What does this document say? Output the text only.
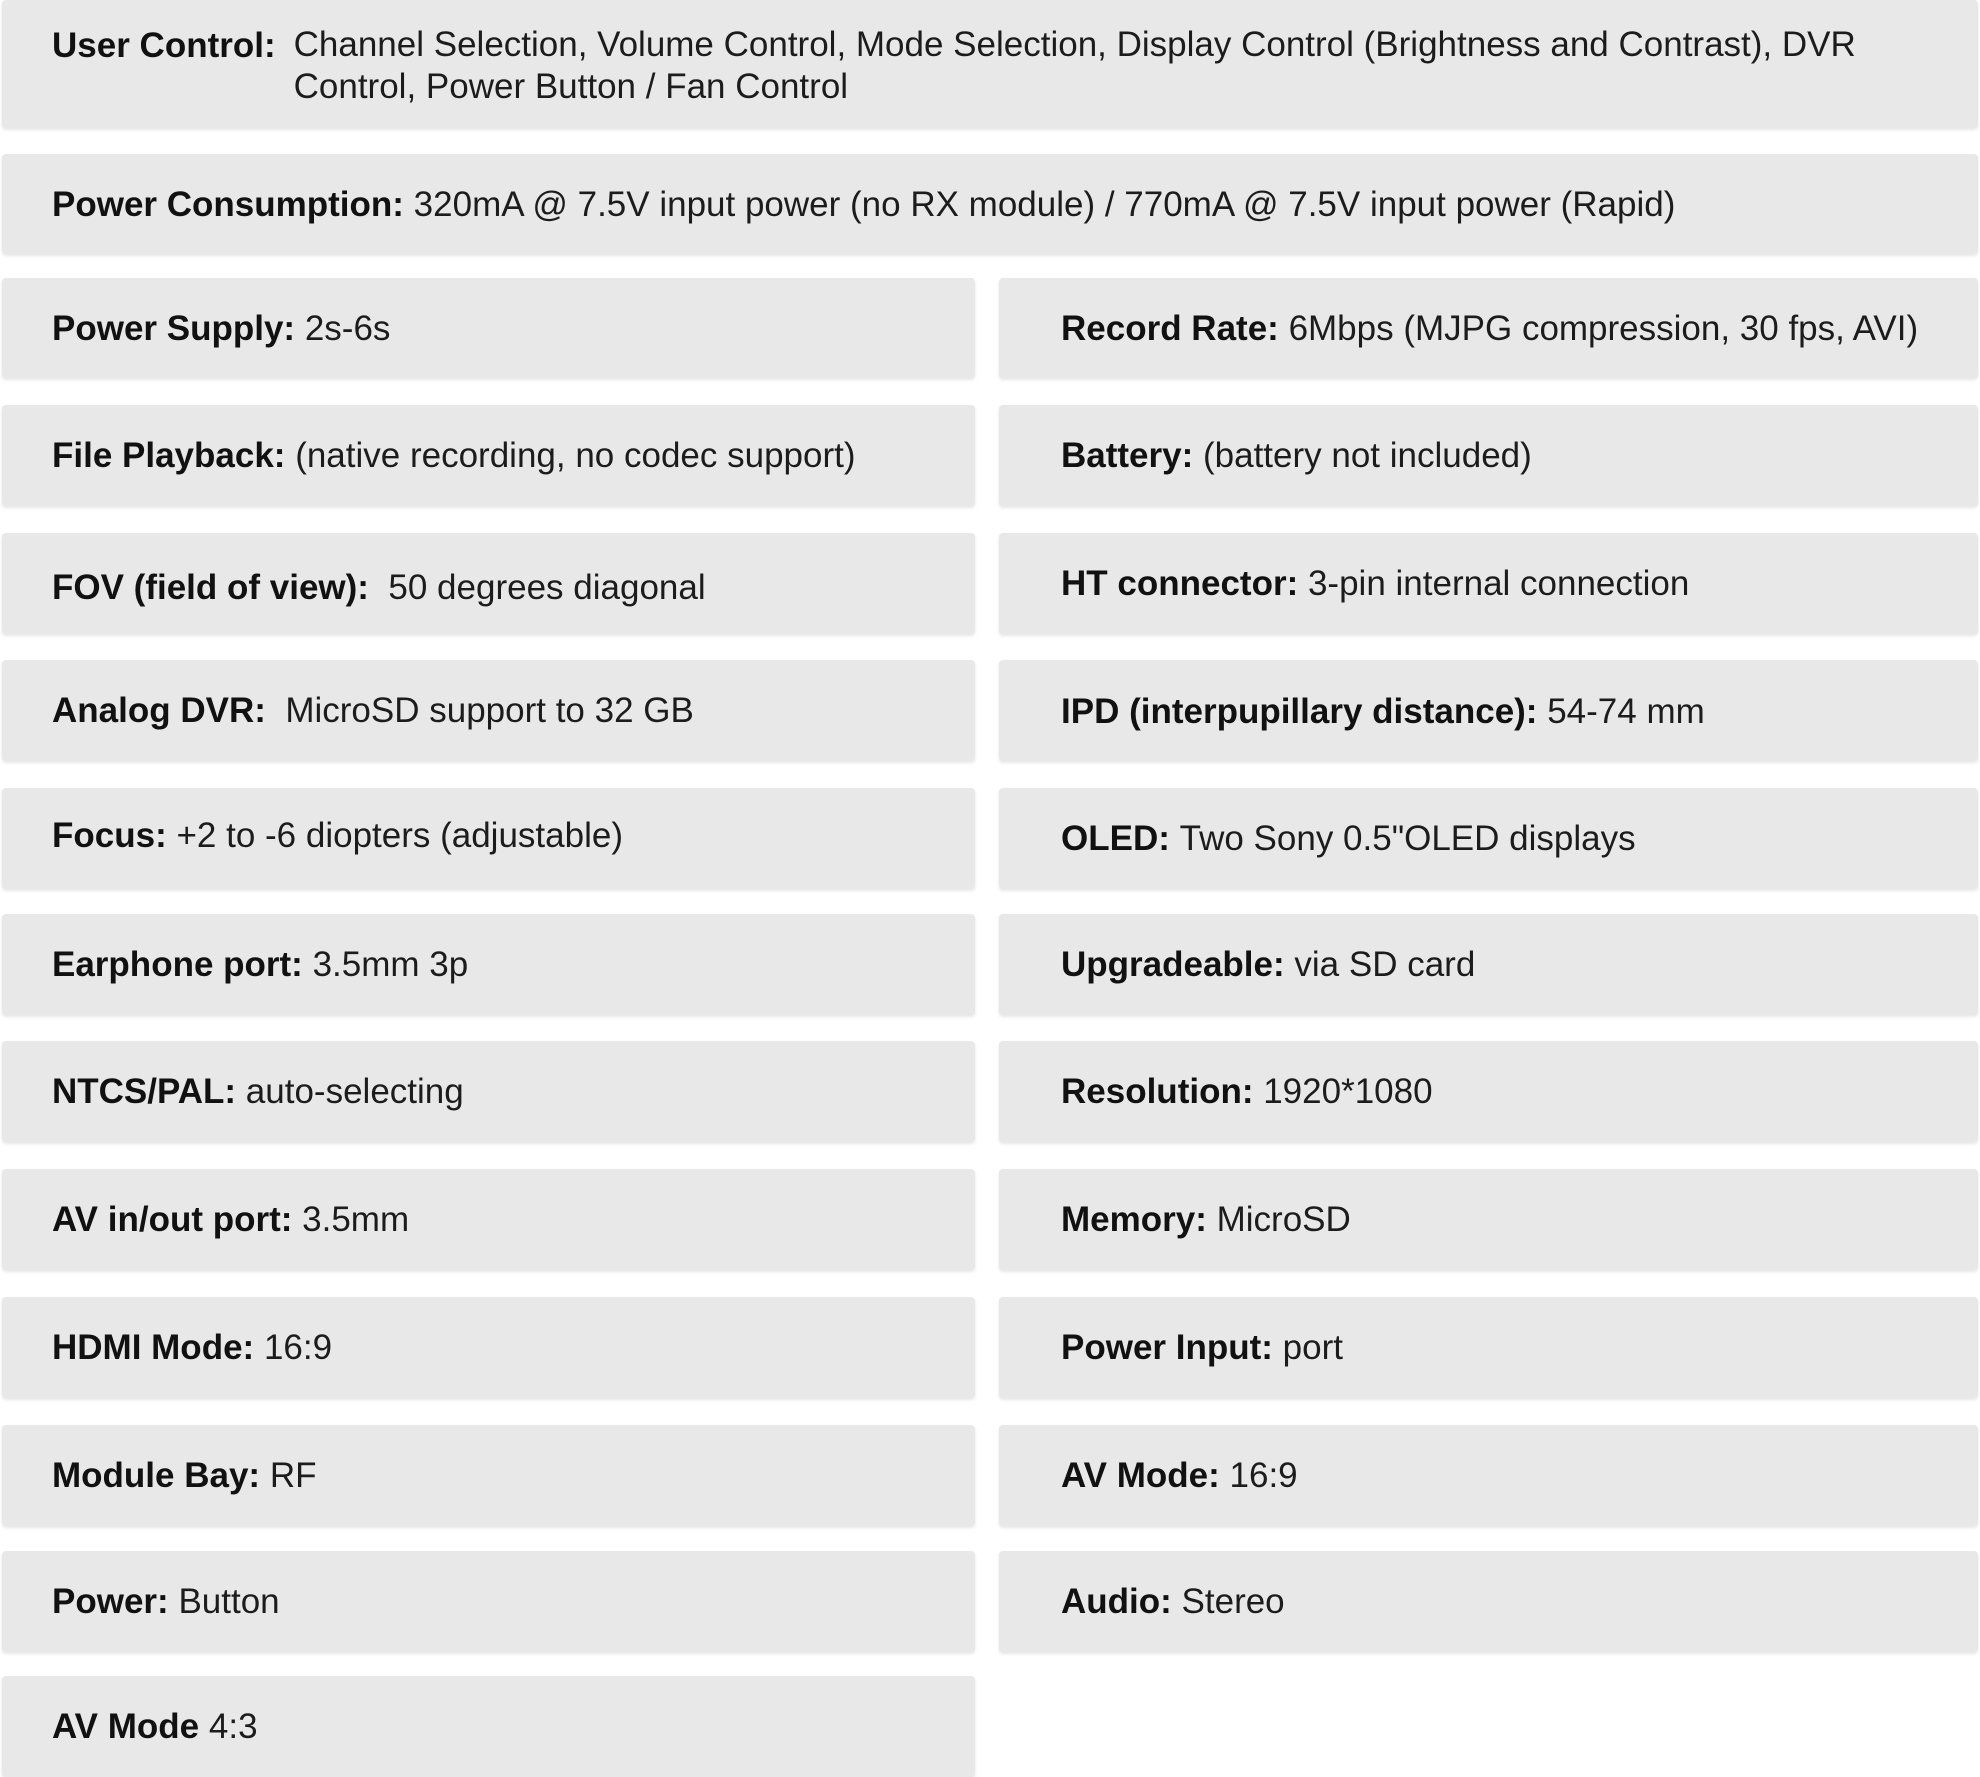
User Control: Channel Selection, Volume Control, Mode Selection, Display Control (Brightness and Contrast), DVR Control, Power Button / Fan Control
Power Consumption:
320mA @ 7.5V input power (no RX module) / 770mA @ 7.5V input power (Rapid)
Power Supply:
2s-6s
File Playback:
(native recording, no codec support)
FOV (field of view):
50 degrees diagonal
Analog DVR:
MicroSD support to 32 GB
Focus:
+2 to -6 diopters (adjustable)
Earphone port:
3.5mm 3p
NTCS/PAL:
auto-selecting
AV in/out port:
3.5mm
HDMI Mode:
16:9
Module Bay:
RF
Power:
Button
AV Mode
4:3
Record Rate:
6Mbps (MJPG compression, 30 fps, AVI)
Battery:
(battery not included)
HT connector:
3-pin internal connection
IPD (interpupillary distance):
54-74 mm
OLED:
Two Sony 0.5"OLED displays
Upgradeable:
via SD card
Resolution:
1920*1080
Memory:
MicroSD
Power Input:
port
AV Mode:
16:9
Audio:
Stereo
